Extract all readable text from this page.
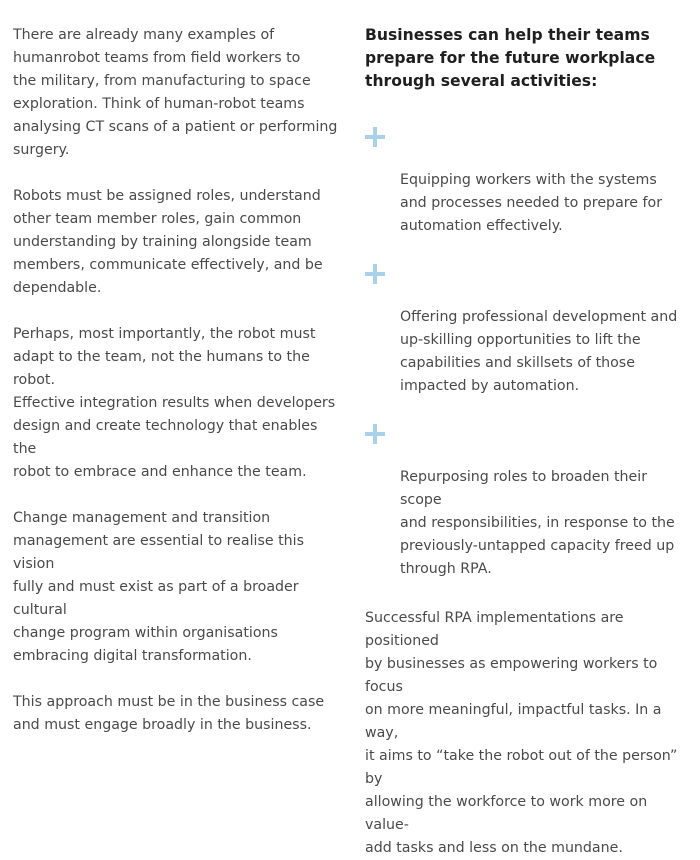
There are already many examples of
humanrobot teams from field workers to
the military, from manufacturing to space
exploration. Think of human-robot teams
analysing CT scans of a patient or performing
surgery.

Robots must be assigned roles, understand
other team member roles, gain common
understanding by training alongside team
members, communicate effectively, and be
dependable.

Perhaps, most importantly, the robot must
adapt to the team, not the humans to the robot.
Effective integration results when developers
design and create technology that enables the
robot to embrace and enhance the team.

Change management and transition
management are essential to realise this vision
fully and must exist as part of a broader
cultural
change program within organisations
embracing digital transformation.

This approach must be in the business case
and must engage broadly in the business.

Businesses can help their teams
prepare for the future workplace
through several activities:

Equipping workers with the systems
and processes needed to prepare for
automation effectively.

Offering professional development and
up-skilling opportunities to lift the
capabilities and skillsets of those
impacted by automation.

Repurposing roles to broaden their scope
and responsibilities, in response to the
previously-untapped capacity freed up
through RPA.

Successful RPA implementations are positioned
by businesses as empowering workers to focus
on more meaningful, impactful tasks. In a way,
it aims to “take the robot out of the person” by
allowing the workforce to work more on value-
add tasks and less on the mundane.
